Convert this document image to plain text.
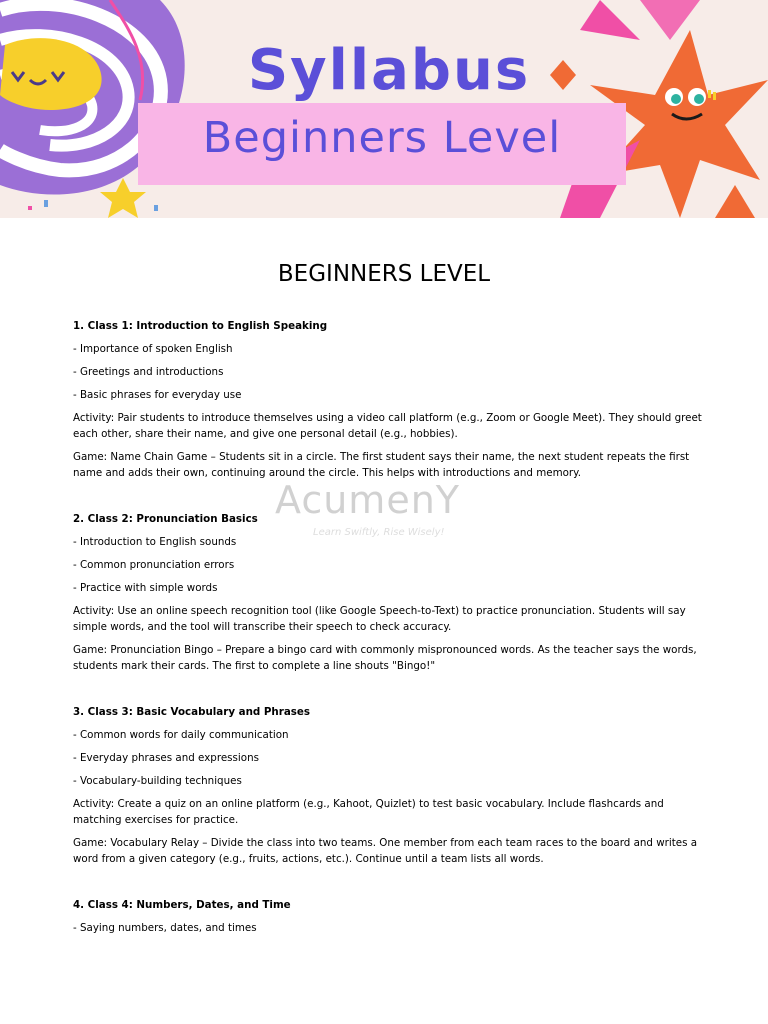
Syllabus
Beginners Level
BEGINNERS LEVEL
AcumenY
Learn Swiftly, Rise Wisely!
1. Class 1: Introduction to English Speaking
- Importance of spoken English
- Greetings and introductions
- Basic phrases for everyday use
Activity: Pair students to introduce themselves using a video call platform (e.g., Zoom or Google Meet). They should greet each other, share their name, and give one personal detail (e.g., hobbies).
Game: Name Chain Game – Students sit in a circle. The first student says their name, the next student repeats the first name and adds their own, continuing around the circle. This helps with introductions and memory.
2. Class 2: Pronunciation Basics
- Introduction to English sounds
- Common pronunciation errors
- Practice with simple words
Activity: Use an online speech recognition tool (like Google Speech-to-Text) to practice pronunciation. Students will say simple words, and the tool will transcribe their speech to check accuracy.
Game: Pronunciation Bingo – Prepare a bingo card with commonly mispronounced words. As the teacher says the words, students mark their cards. The first to complete a line shouts "Bingo!"
3. Class 3: Basic Vocabulary and Phrases
- Common words for daily communication
- Everyday phrases and expressions
- Vocabulary-building techniques
Activity: Create a quiz on an online platform (e.g., Kahoot, Quizlet) to test basic vocabulary. Include flashcards and matching exercises for practice.
Game: Vocabulary Relay – Divide the class into two teams. One member from each team races to the board and writes a word from a given category (e.g., fruits, actions, etc.). Continue until a team lists all words.
4. Class 4: Numbers, Dates, and Time
- Saying numbers, dates, and times
